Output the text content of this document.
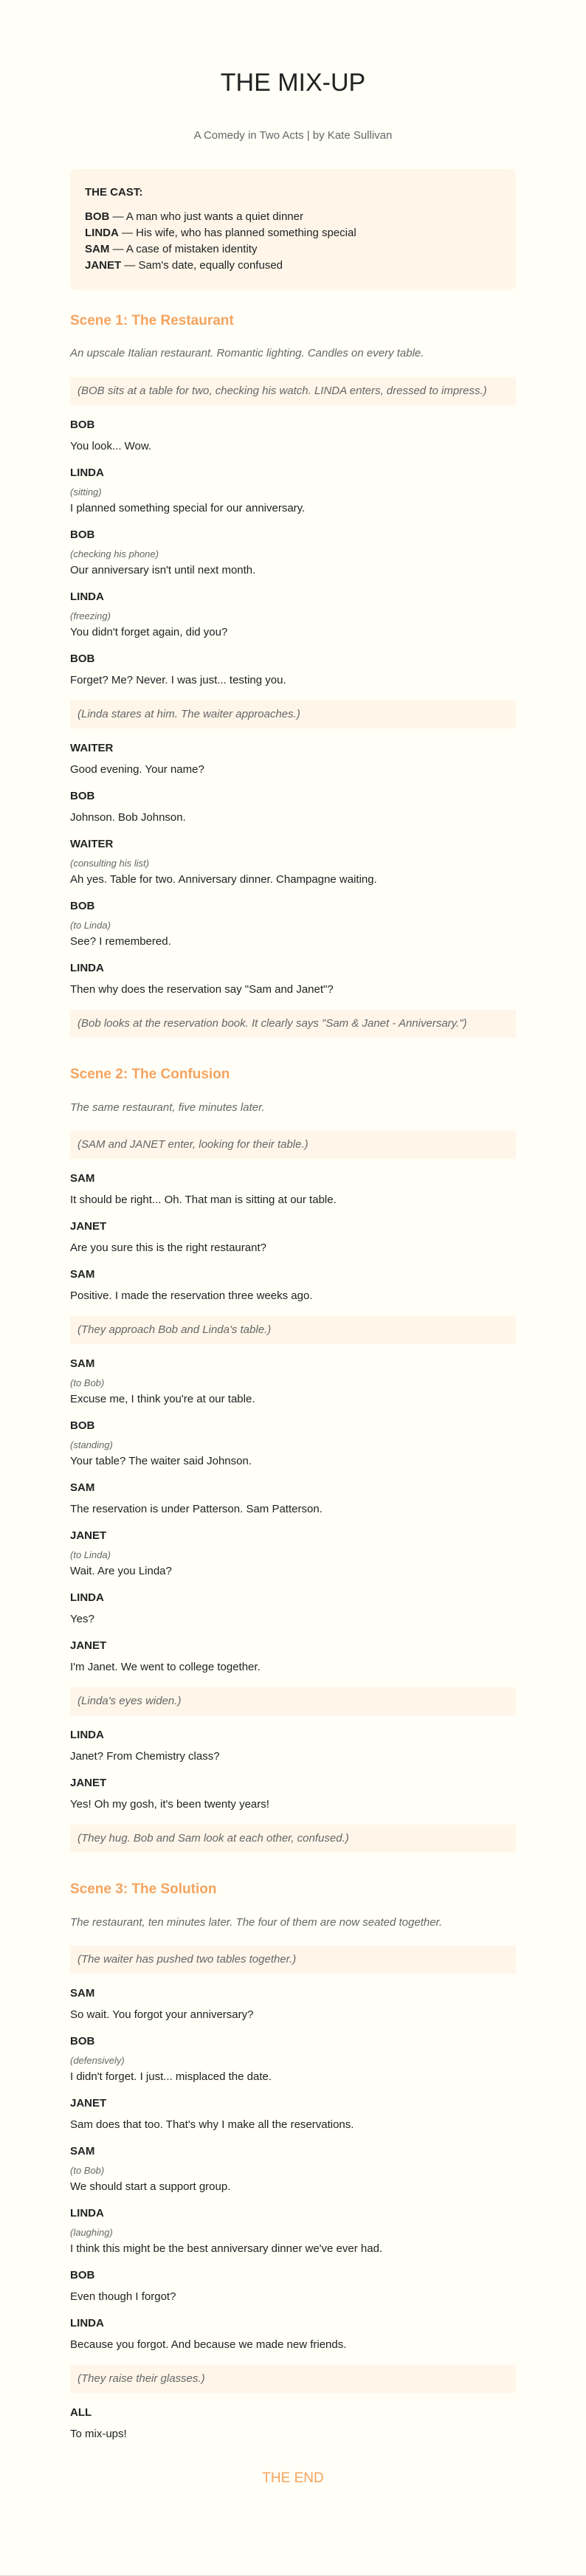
THE MIX-UP
A Comedy in Two Acts | by Kate Sullivan
THE CAST:
BOB — A man who just wants a quiet dinner
LINDA — His wife, who has planned something special
SAM — A case of mistaken identity
JANET — Sam's date, equally confused
Scene 1: The Restaurant
An upscale Italian restaurant. Romantic lighting. Candles on every table.
(BOB sits at a table for two, checking his watch. LINDA enters, dressed to impress.)
BOB
You look... Wow.
LINDA
(sitting)
I planned something special for our anniversary.
BOB
(checking his phone)
Our anniversary isn't until next month.
LINDA
(freezing)
You didn't forget again, did you?
BOB
Forget? Me? Never. I was just... testing you.
(Linda stares at him. The waiter approaches.)
WAITER
Good evening. Your name?
BOB
Johnson. Bob Johnson.
WAITER
(consulting his list)
Ah yes. Table for two. Anniversary dinner. Champagne waiting.
BOB
(to Linda)
See? I remembered.
LINDA
Then why does the reservation say "Sam and Janet"?
(Bob looks at the reservation book. It clearly says "Sam & Janet - Anniversary.")
Scene 2: The Confusion
The same restaurant, five minutes later.
(SAM and JANET enter, looking for their table.)
SAM
It should be right... Oh. That man is sitting at our table.
JANET
Are you sure this is the right restaurant?
SAM
Positive. I made the reservation three weeks ago.
(They approach Bob and Linda's table.)
SAM
(to Bob)
Excuse me, I think you're at our table.
BOB
(standing)
Your table? The waiter said Johnson.
SAM
The reservation is under Patterson. Sam Patterson.
JANET
(to Linda)
Wait. Are you Linda?
LINDA
Yes?
JANET
I'm Janet. We went to college together.
(Linda's eyes widen.)
LINDA
Janet? From Chemistry class?
JANET
Yes! Oh my gosh, it's been twenty years!
(They hug. Bob and Sam look at each other, confused.)
Scene 3: The Solution
The restaurant, ten minutes later. The four of them are now seated together.
(The waiter has pushed two tables together.)
SAM
So wait. You forgot your anniversary?
BOB
(defensively)
I didn't forget. I just... misplaced the date.
JANET
Sam does that too. That's why I make all the reservations.
SAM
(to Bob)
We should start a support group.
LINDA
(laughing)
I think this might be the best anniversary dinner we've ever had.
BOB
Even though I forgot?
LINDA
Because you forgot. And because we made new friends.
(They raise their glasses.)
ALL
To mix-ups!
THE END
